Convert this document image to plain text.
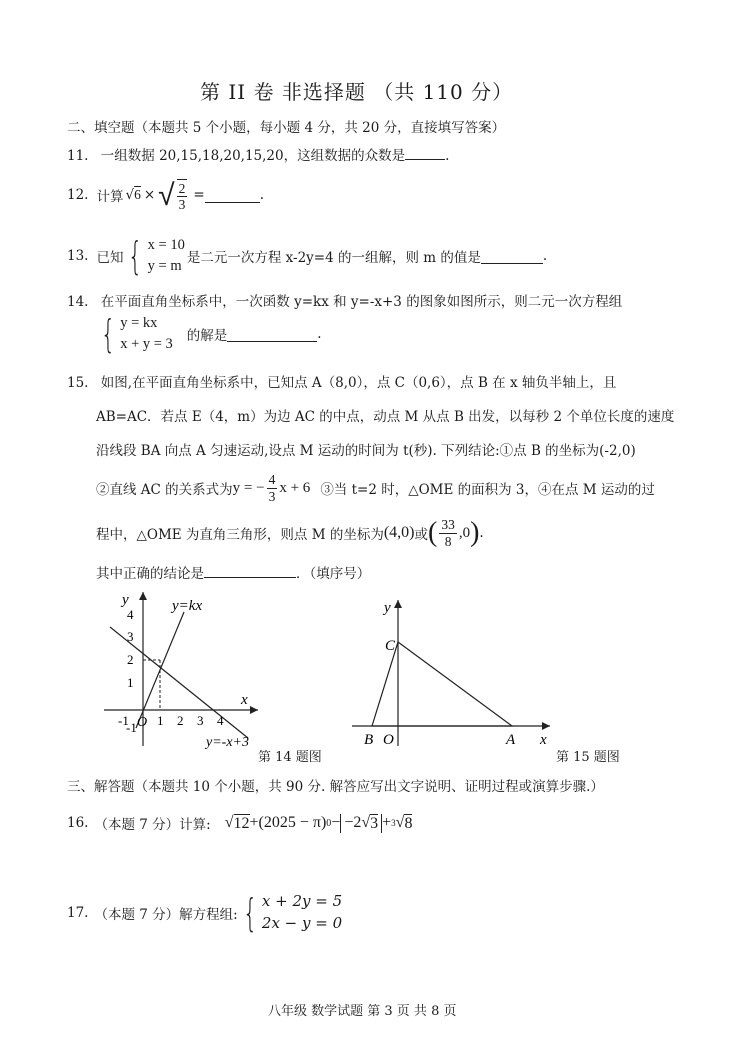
第 II 卷 非选择题 （共 110 分）
二、填空题（本题共 5 个小题，每小题 4 分，共 20 分，直接填写答案）
11. 一组数据 20,15,18,20,15,20，这组数据的众数是	.
12. 计算 √6 × √ $\frac{2}{3}$ =	.
13. 已知 { x = 10
y = m 是二元一次方程 x-2y=4 的一组解，则 m 的值是	.
14. 在平面直角坐标系中，一次函数 y=kx 和 y=-x+3 的图象如图所示，则二元一次方程组
{ y = kx
x + y = 3 的解是	.
15. 如图,在平面直角坐标系中，已知点 A（8,0），点 C（0,6），点 B 在 x 轴负半轴上，且
AB=AC．若点 E（4，m）为边 AC 的中点，动点 M 从点 B 出发，以每秒 2 个单位长度的速度
沿线段 BA 向点 A 匀速运动,设点 M 运动的时间为 t(秒). 下列结论:①点 B 的坐标为(-2,0)
②直线 AC 的关系式为 y = − $\frac{4}{3}$ x + 6 ③当 t=2 时，△OME 的面积为 3，④在点 M 运动的过
程中，△OME 为直角三角形，则点 M 的坐标为 (4,0) 或 ( $\frac{33}{8} ,0$ ) .
其中正确的结论是	．（填序号）
y
x
O
y=kx
y=-x+3
4
3
2
1
-1
-1 1 2 3 4
第 14 题图
y
x
C
B O	A
第 15 题图
三、解答题（本题共 10 个小题，共 90 分. 解答应写出文字说明、证明过程或演算步骤.）
16. （本题 7 分）计算: √ 12 +(2025 − π) 0 − −2 √ 3 + 3 √ 8
17. （本题 7 分）解方程组: { x + 2y = 5
2x − y = 0
八年级 数学试题 第 3 页 共 8 页
